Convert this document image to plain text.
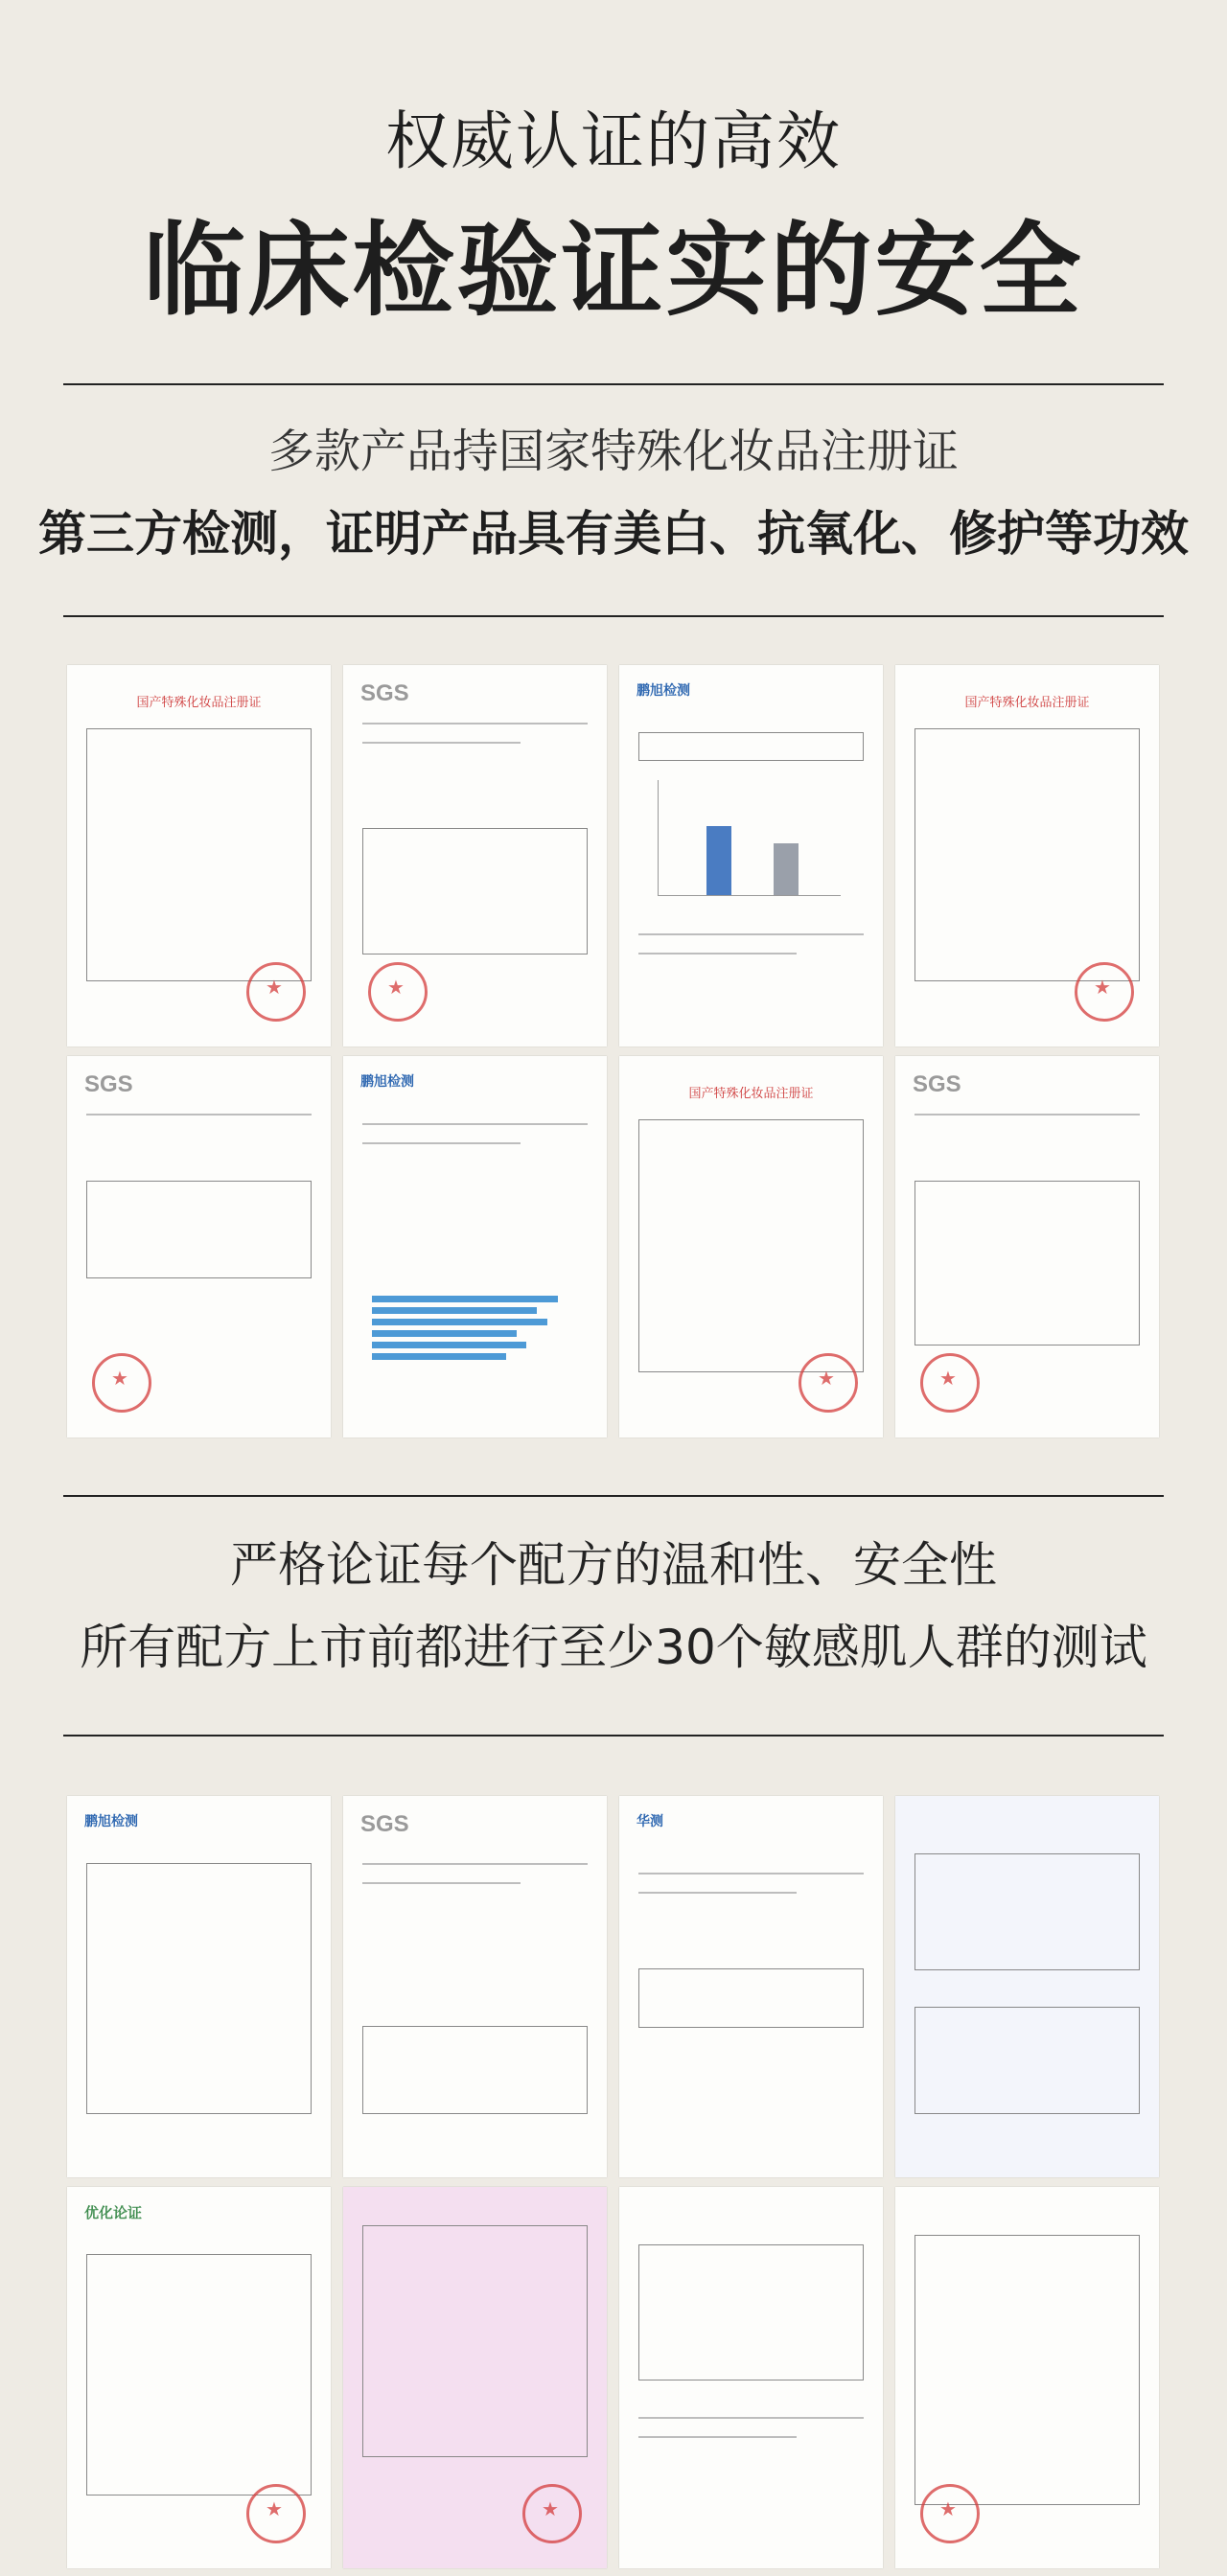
权威认证的高效
临床检验证实的安全
多款产品持国家特殊化妆品注册证
第三方检测，证明产品具有美白、抗氧化、修护等功效
国产特殊化妆品注册证
★	SGS
★	鹏旭检测
国产特殊化妆品注册证
★
SGS
★	鹏旭检测
国产特殊化妆品注册证
★	SGS
★
严格论证每个配方的温和性、安全性
所有配方上市前都进行至少30个敏感肌人群的测试
鹏旭检测	SGS	华测
优化论证
★
★
★
